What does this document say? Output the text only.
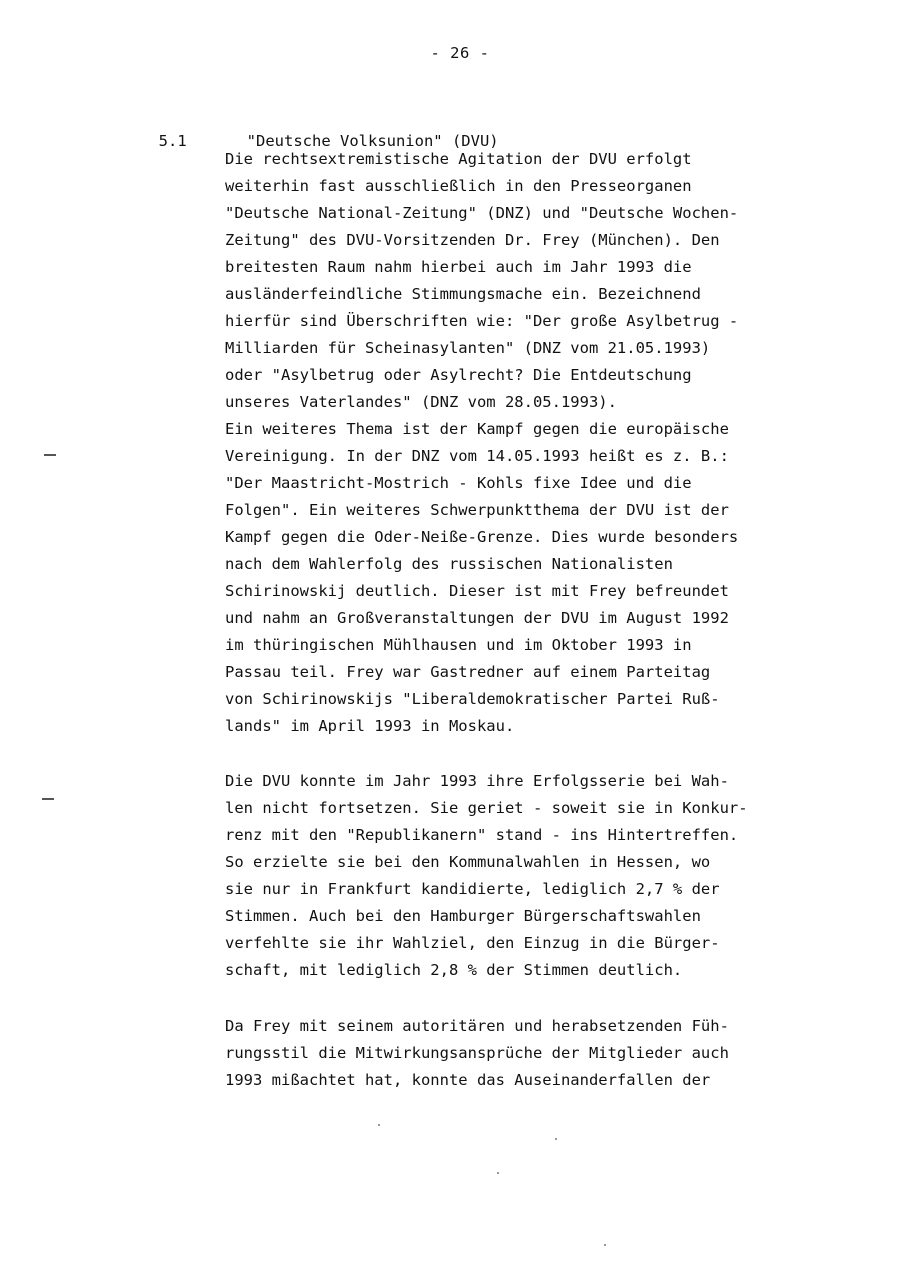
- 26 -

5.1	"Deutsche Volksunion" (DVU)

Die rechtsextremistische Agitation der DVU erfolgt
weiterhin fast ausschließlich in den Presseorganen
"Deutsche National-Zeitung" (DNZ) und "Deutsche Wochen-
Zeitung" des DVU-Vorsitzenden Dr. Frey (München). Den
breitesten Raum nahm hierbei auch im Jahr 1993 die
ausländerfeindliche Stimmungsmache ein. Bezeichnend
hierfür sind Überschriften wie: "Der große Asylbetrug -
Milliarden für Scheinasylanten" (DNZ vom 21.05.1993)
oder "Asylbetrug oder Asylrecht? Die Entdeutschung
unseres Vaterlandes" (DNZ vom 28.05.1993).
Ein weiteres Thema ist der Kampf gegen die europäische
Vereinigung. In der DNZ vom 14.05.1993 heißt es z. B.:
"Der Maastricht-Mostrich - Kohls fixe Idee und die
Folgen". Ein weiteres Schwerpunktthema der DVU ist der
Kampf gegen die Oder-Neiße-Grenze. Dies wurde besonders
nach dem Wahlerfolg des russischen Nationalisten
Schirinowskij deutlich. Dieser ist mit Frey befreundet
und nahm an Großveranstaltungen der DVU im August 1992
im thüringischen Mühlhausen und im Oktober 1993 in
Passau teil. Frey war Gastredner auf einem Parteitag
von Schirinowskijs "Liberaldemokratischer Partei Ruß-
lands" im April 1993 in Moskau.
Die DVU konnte im Jahr 1993 ihre Erfolgsserie bei Wah-
len nicht fortsetzen. Sie geriet - soweit sie in Konkur-
renz mit den "Republikanern" stand - ins Hintertreffen.
So erzielte sie bei den Kommunalwahlen in Hessen, wo
sie nur in Frankfurt kandidierte, lediglich 2,7 % der
Stimmen. Auch bei den Hamburger Bürgerschaftswahlen
verfehlte sie ihr Wahlziel, den Einzug in die Bürger-
schaft, mit lediglich 2,8 % der Stimmen deutlich.
Da Frey mit seinem autoritären und herabsetzenden Füh-
rungsstil die Mitwirkungsansprüche der Mitglieder auch
1993 mißachtet hat, konnte das Auseinanderfallen der
